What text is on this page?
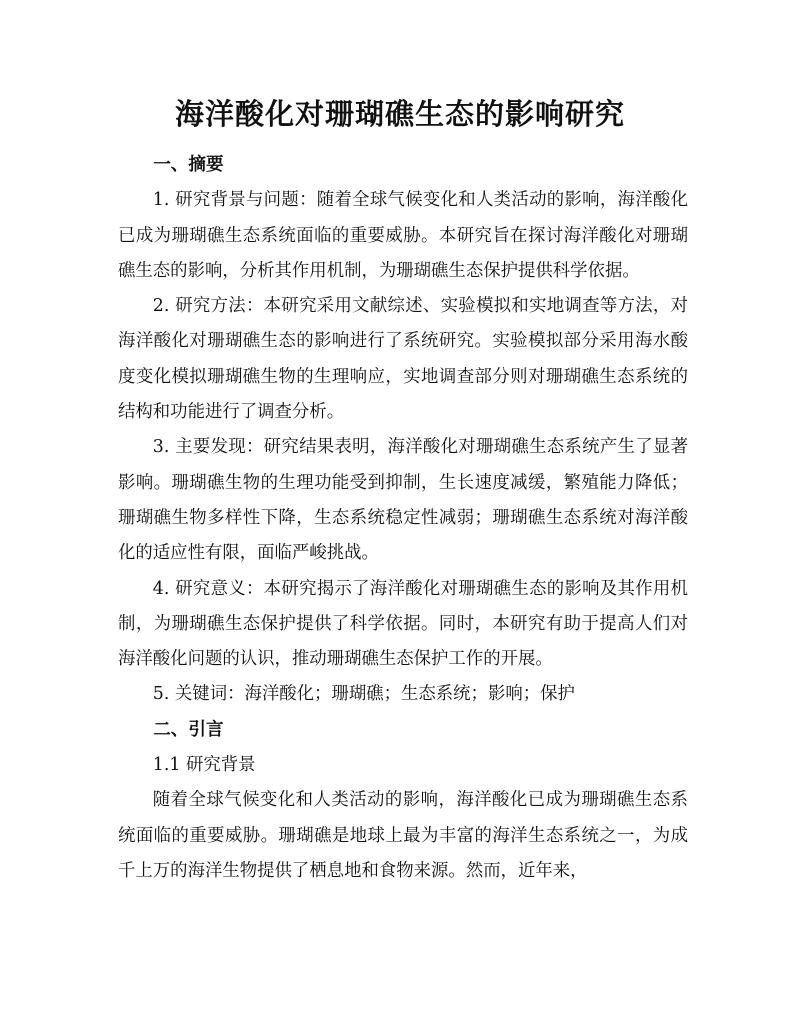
海洋酸化对珊瑚礁生态的影响研究
一、摘要

1. 研究背景与问题：随着全球气候变化和人类活动的影响，海洋酸化已成为珊瑚礁生态系统面临的重要威胁。本研究旨在探讨海洋酸化对珊瑚礁生态的影响，分析其作用机制，为珊瑚礁生态保护提供科学依据。

2. 研究方法：本研究采用文献综述、实验模拟和实地调查等方法，对海洋酸化对珊瑚礁生态的影响进行了系统研究。实验模拟部分采用海水酸度变化模拟珊瑚礁生物的生理响应，实地调查部分则对珊瑚礁生态系统的结构和功能进行了调查分析。

3. 主要发现：研究结果表明，海洋酸化对珊瑚礁生态系统产生了显著影响。珊瑚礁生物的生理功能受到抑制，生长速度减缓，繁殖能力降低；珊瑚礁生物多样性下降，生态系统稳定性减弱；珊瑚礁生态系统对海洋酸化的适应性有限，面临严峻挑战。

4. 研究意义：本研究揭示了海洋酸化对珊瑚礁生态的影响及其作用机制，为珊瑚礁生态保护提供了科学依据。同时，本研究有助于提高人们对海洋酸化问题的认识，推动珊瑚礁生态保护工作的开展。

5. 关键词：海洋酸化；珊瑚礁；生态系统；影响；保护

二、引言

1.1 研究背景

随着全球气候变化和人类活动的影响，海洋酸化已成为珊瑚礁生态系统面临的重要威胁。珊瑚礁是地球上最为丰富的海洋生态系统之一，为成千上万的海洋生物提供了栖息地和食物来源。然而，近年来，
